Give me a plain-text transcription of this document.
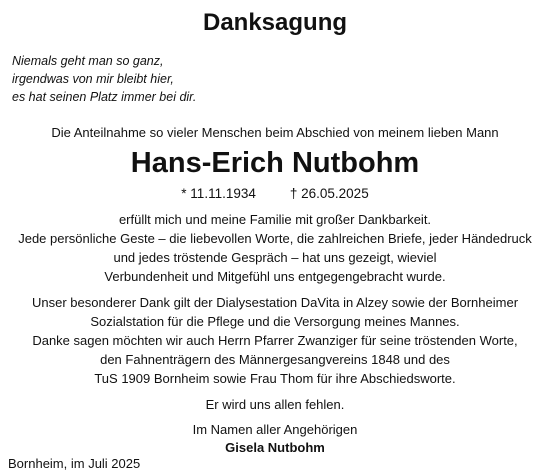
Danksagung
Niemals geht man so ganz,
irgendwas von mir bleibt hier,
es hat seinen Platz immer bei dir.
Die Anteilnahme so vieler Menschen beim Abschied von meinem lieben Mann
Hans-Erich Nutbohm
* 11.11.1934	† 26.05.2025
erfüllt mich und meine Familie mit großer Dankbarkeit.
Jede persönliche Geste – die liebevollen Worte, die zahlreichen Briefe, jeder Händedruck
und jedes tröstende Gespräch – hat uns gezeigt, wieviel
Verbundenheit und Mitgefühl uns entgegengebracht wurde.
Unser besonderer Dank gilt der Dialysestation DaVita in Alzey sowie der Bornheimer
Sozialstation für die Pflege und die Versorgung meines Mannes.
Danke sagen möchten wir auch Herrn Pfarrer Zwanziger für seine tröstenden Worte,
den Fahnenträgern des Männergesangvereins 1848 und des
TuS 1909 Bornheim sowie Frau Thom für ihre Abschiedsworte.
Er wird uns allen fehlen.
Im Namen aller Angehörigen
Gisela Nutbohm
Bornheim, im Juli 2025
